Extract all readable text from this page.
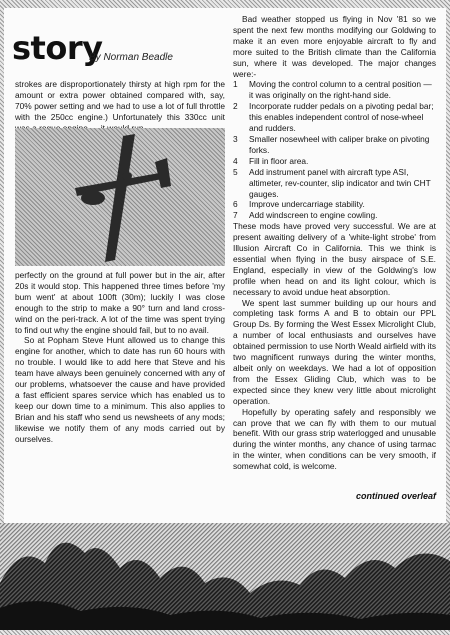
story
By Norman Beadle

strokes are disproportionately thirsty at high rpm for the amount or extra power obtained compared with, say, 70% power setting and we had to use a lot of full throttle with the 250cc engine.) Unfortunately this 330cc unit

perfectly on the ground at full power but in the air, after 20s it would stop. This happened three times before 'my bum went' at about 100ft (30m); luckily I was close enough to the strip to make a 90° turn and land cross-wind on the peri-track. A lot of the time was spent trying to find out why the engine should fail, but to no avail.

So at Popham Steve Hunt allowed us to change this engine for another, which to date has run 60 hours with no trouble. I would like to add here that Steve and his team have always been genuinely concerned with any of our problems, whatsoever the cause and have provided a fast efficient spares service which has enabled us to keep our down time to a minimum. This also applies to Brian and his staff who send us newsheets of any mods; likewise we notify them of any mods carried out by ourselves.

Bad weather stopped us flying in Nov '81 so we spent the next few months modifying our Goldwing to make it an even more enjoyable aircraft to fly and more suited to the British climate than the California sun, where it was developed. The major changes were:-

1 Moving the control column to a central position — it was originally on the right-hand side.
2 Incorporate rudder pedals on a pivoting pedal bar; this enables independent control of nose-wheel and rudders.
3 Smaller nosewheel with caliper brake on pivoting forks.
4 Fill in floor area.
5 Add instrument panel with aircraft type ASI, altimeter, rev-counter, slip indicator and twin CHT gauges.
6 Improve undercarriage stability.
7 Add windscreen to engine cowling.

These mods have proved very successful. We are at present awaiting delivery of a 'white-light strobe' from Illusion Aircraft Co in California. This we think is essential when flying in the busy airspace of S.E. England, especially in view of the Goldwing's low profile when head on and its light colour, which is necessary to avoid undue heat absorption.

We spent last summer building up our hours and completing task forms A and B to obtain our PPL Group Ds. By forming the West Essex Microlight Club, a number of local enthusiasts and ourselves have obtained permission to use North Weald airfield with its two magnificent runways during the winter months, albeit only on weekdays. We had a lot of opposition from the Essex Gliding Club, which was to be expected since they knew very little about microlight operation.

Hopefully by operating safely and responsibly we can prove that we can fly with them to our mutual benefit. With our grass strip waterlogged and unusable during the winter months, any chance of using tarmac in the winter, when conditions can be very smooth, if somewhat cold, is welcome.

continued overleaf
